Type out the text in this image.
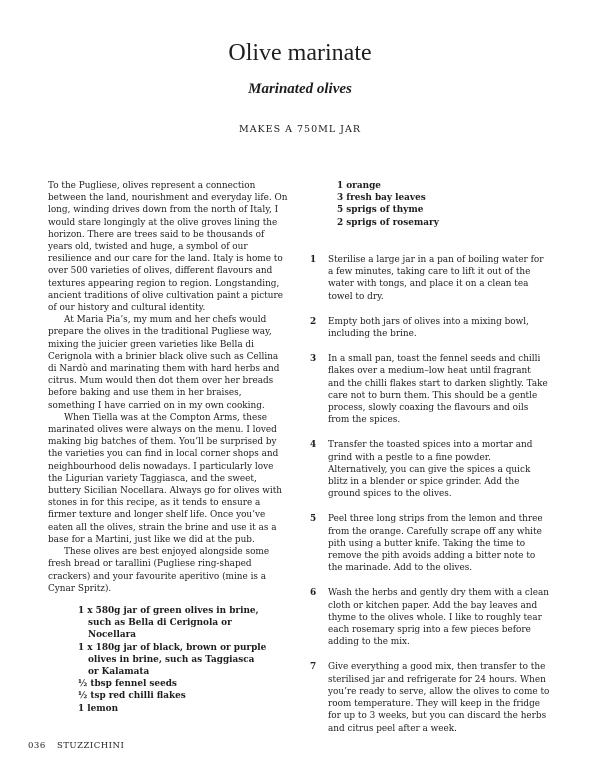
Olive marinate
Marinated olives
MAKES A 750ML JAR

To the Pugliese, olives represent a connection between the land, nourishment and everyday life. On long, winding drives down from the north of Italy, I would stare longingly at the olive groves lining the horizon. There are trees said to be thousands of years old, twisted and huge, a symbol of our resilience and our care for the land. Italy is home to over 500 varieties of olives, different flavours and textures appearing region to region. Longstanding, ancient traditions of olive cultivation paint a picture of our history and cultural identity.

At Maria Pia’s, my mum and her chefs would prepare the olives in the traditional Pugliese way, mixing the juicier green varieties like Bella di Cerignola with a brinier black olive such as Cellina di Nardò and marinating them with hard herbs and citrus. Mum would then dot them over her breads before baking and use them in her braises, something I have carried on in my own cooking.

When Tiella was at the Compton Arms, these marinated olives were always on the menu. I loved making big batches of them. You’ll be surprised by the varieties you can find in local corner shops and neighbourhood delis nowadays. I particularly love the Ligurian variety Taggiasca, and the sweet, buttery Sicilian Nocellara. Always go for olives with stones in for this recipe, as it tends to ensure a firmer texture and longer shelf life. Once you’ve eaten all the olives, strain the brine and use it as a base for a Martini, just like we did at the pub.

These olives are best enjoyed alongside some fresh bread or tarallini (Pugliese ring-shaped crackers) and your favourite aperitivo (mine is a Cynar Spritz).

1 x 580g jar of green olives in brine, such as Bella di Cerignola or Nocellara
1 x 180g jar of black, brown or purple olives in brine, such as Taggiasca or Kalamata
½ tbsp fennel seeds
½ tsp red chilli flakes
1 lemon
1 orange
3 fresh bay leaves
5 sprigs of thyme
2 sprigs of rosemary
1 Sterilise a large jar in a pan of boiling water for a few minutes, taking care to lift it out of the water with tongs, and place it on a clean tea towel to dry.
2 Empty both jars of olives into a mixing bowl, including the brine.
3 In a small pan, toast the fennel seeds and chilli flakes over a medium–low heat until fragrant and the chilli flakes start to darken slightly. Take care not to burn them. This should be a gentle process, slowly coaxing the flavours and oils from the spices.
4 Transfer the toasted spices into a mortar and grind with a pestle to a fine powder. Alternatively, you can give the spices a quick blitz in a blender or spice grinder. Add the ground spices to the olives.
5 Peel three long strips from the lemon and three from the orange. Carefully scrape off any white pith using a butter knife. Taking the time to remove the pith avoids adding a bitter note to the marinade. Add to the olives.
6 Wash the herbs and gently dry them with a clean cloth or kitchen paper. Add the bay leaves and thyme to the olives whole. I like to roughly tear each rosemary sprig into a few pieces before adding to the mix.
7 Give everything a good mix, then transfer to the sterilised jar and refrigerate for 24 hours. When you’re ready to serve, allow the olives to come to room temperature. They will keep in the fridge for up to 3 weeks, but you can discard the herbs and citrus peel after a week.
036 STUZZICHINI
